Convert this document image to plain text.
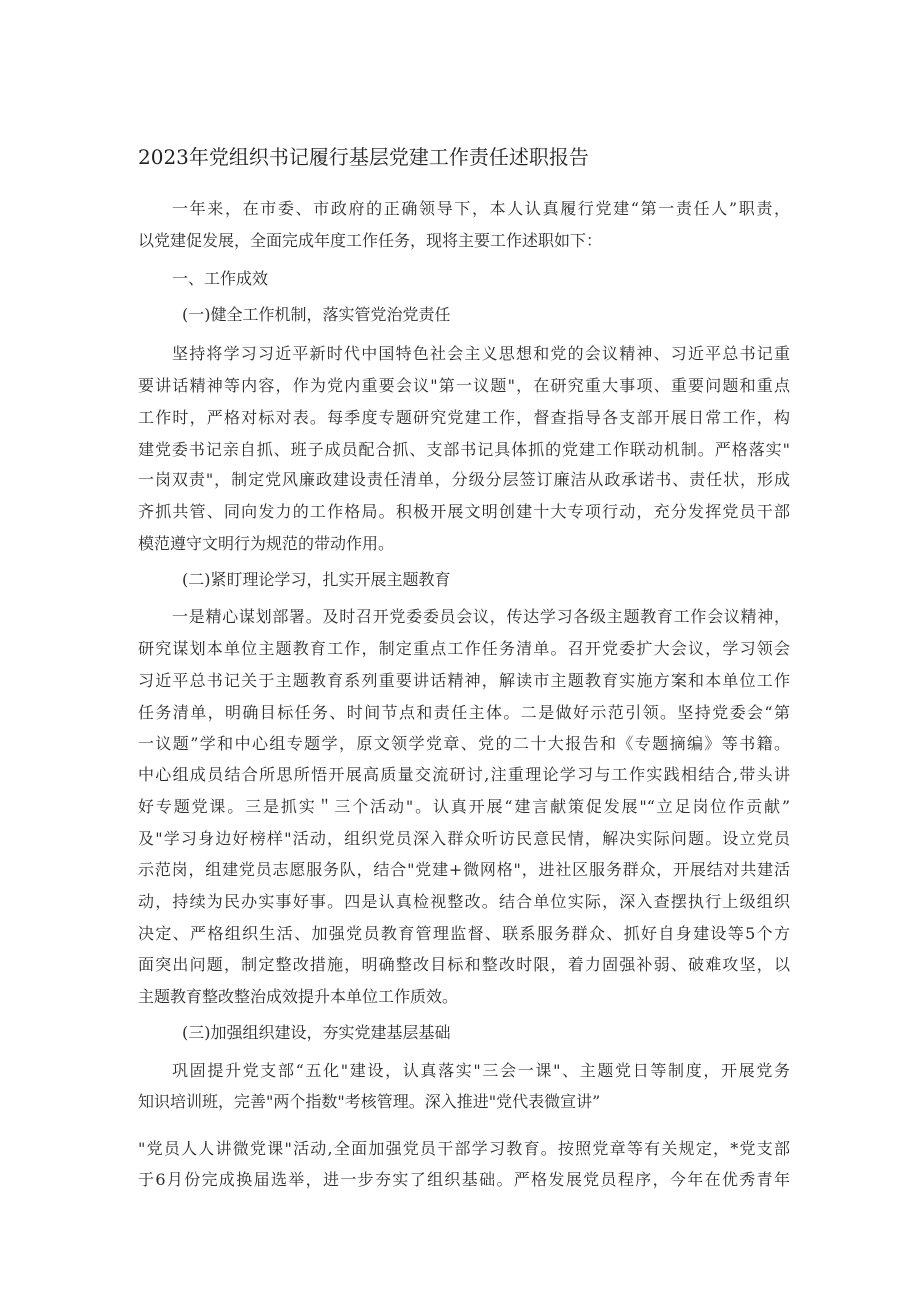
2023年党组织书记履行基层党建工作责任述职报告
一年来，在市委、市政府的正确领导下，本人认真履行党建“第一责任人”职责，
以党建促发展，全面完成年度工作任务，现将主要工作述职如下：
一、工作成效
(一)健全工作机制，落实管党治党责任
坚持将学习习近平新时代中国特色社会主义思想和党的会议精神、习近平总书记重
要讲话精神等内容，作为党内重要会议"第一议题"，在研究重大事项、重要问题和重点
工作时，严格对标对表。每季度专题研究党建工作，督查指导各支部开展日常工作，构
建党委书记亲自抓、班子成员配合抓、支部书记具体抓的党建工作联动机制。严格落实"
一岗双责"，制定党风廉政建设责任清单，分级分层签订廉洁从政承诺书、责任状，形成
齐抓共管、同向发力的工作格局。积极开展文明创建十大专项行动，充分发挥党员干部
模范遵守文明行为规范的带动作用。
(二)紧盯理论学习，扎实开展主题教育
一是精心谋划部署。及时召开党委委员会议，传达学习各级主题教育工作会议精神，
研究谋划本单位主题教育工作，制定重点工作任务清单。召开党委扩大会议，学习领会
习近平总书记关于主题教育系列重要讲话精神，解读市主题教育实施方案和本单位工作
任务清单，明确目标任务、时间节点和责任主体。二是做好示范引领。坚持党委会“第
一议题”学和中心组专题学，原文领学党章、党的二十大报告和《专题摘编》等书籍。
中心组成员结合所思所悟开展高质量交流研讨,注重理论学习与工作实践相结合,带头讲
好专题党课。三是抓实＂三个活动"。认真开展“建言献策促发展"“立足岗位作贡献”
及"学习身边好榜样"活动，组织党员深入群众听访民意民情，解决实际问题。设立党员
示范岗，组建党员志愿服务队，结合"党建+微网格"，进社区服务群众，开展结对共建活
动，持续为民办实事好事。四是认真检视整改。结合单位实际，深入查摆执行上级组织
决定、严格组织生活、加强党员教育管理监督、联系服务群众、抓好自身建设等5个方
面突出问题，制定整改措施，明确整改目标和整改时限，着力固强补弱、破难攻坚，以
主题教育整改整治成效提升本单位工作质效。
(三)加强组织建设，夯实党建基层基础
巩固提升党支部“五化"建设，认真落实"三会一课"、主题党日等制度，开展党务
知识培训班，完善"两个指数"考核管理。深入推进"党代表微宣讲”
"党员人人讲微党课"活动,全面加强党员干部学习教育。按照党章等有关规定，*党支部
于6月份完成换届选举，进一步夯实了组织基础。严格发展党员程序，今年在优秀青年
